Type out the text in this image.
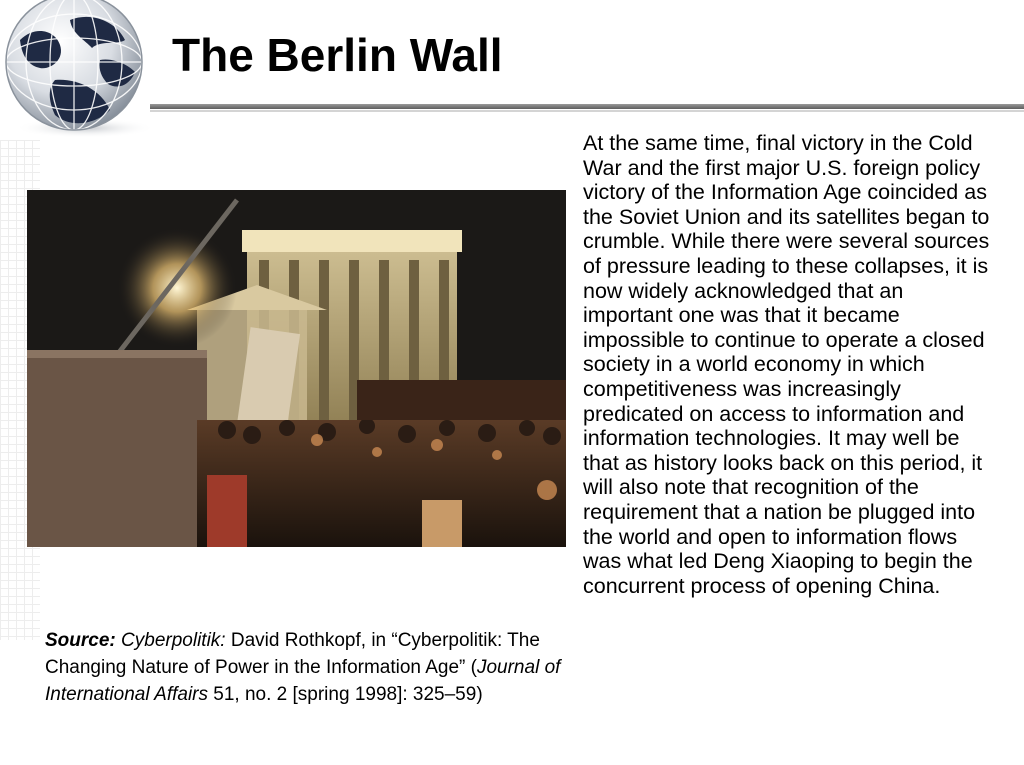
The Berlin Wall
At the same time, final victory in the Cold War and the first major U.S. foreign policy victory of the Information Age coincided as the Soviet Union and its satellites began to crumble. While there were several sources of pressure leading to these collapses, it is now widely acknowledged that an important one was that it became impossible to continue to operate a closed society in a world economy in which competitiveness was increasingly predicated on access to information and information technologies. It may well be that as history looks back on this period, it will also note that recognition of the requirement that a nation be plugged into the world and open to information flows was what led Deng Xiaoping to begin the concurrent process of opening China.
Source: Cyberpolitik: David Rothkopf, in “Cyberpolitik: The Changing Nature of Power in the Information Age” (Journal of International Affairs 51, no. 2 [spring 1998]: 325–59)
